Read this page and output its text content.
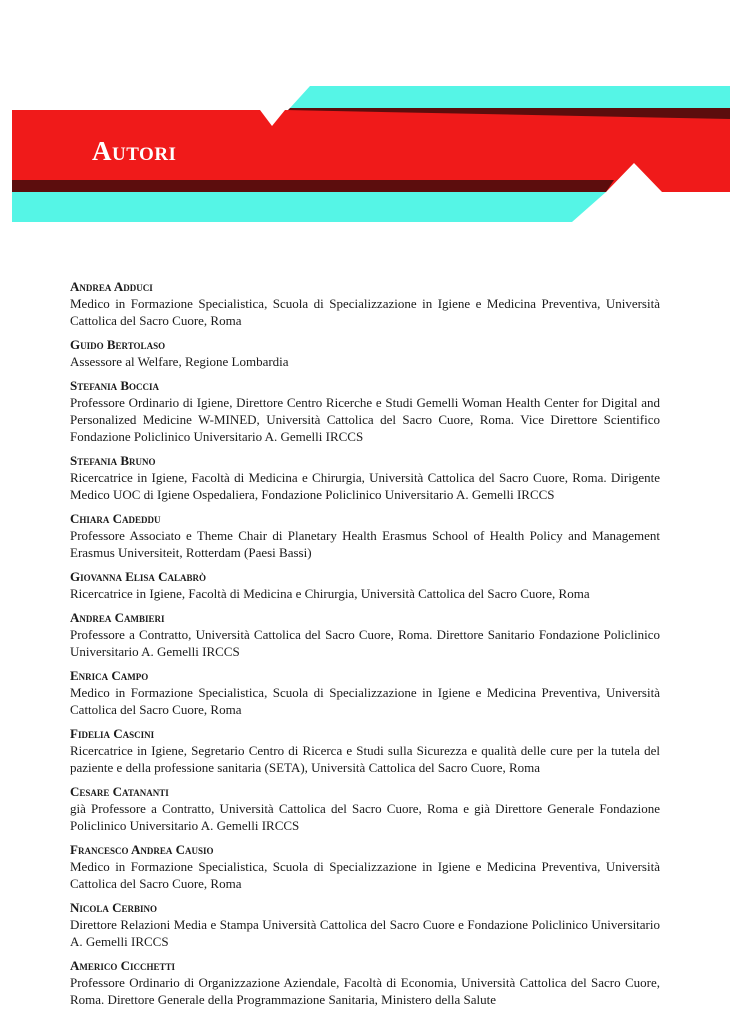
Autori
Andrea Adduci
Medico in Formazione Specialistica, Scuola di Specializzazione in Igiene e Medicina Preventiva, Università Cattolica del Sacro Cuore, Roma
Guido Bertolaso
Assessore al Welfare, Regione Lombardia
Stefania Boccia
Professore Ordinario di Igiene, Direttore Centro Ricerche e Studi Gemelli Woman Health Center for Digital and Personalized Medicine W-MINED, Università Cattolica del Sacro Cuore, Roma. Vice Direttore Scientifico Fondazione Policlinico Universitario A. Gemelli IRCCS
Stefania Bruno
Ricercatrice in Igiene, Facoltà di Medicina e Chirurgia, Università Cattolica del Sacro Cuore, Roma. Dirigente Medico UOC di Igiene Ospedaliera, Fondazione Policlinico Universitario A. Gemelli IRCCS
Chiara Cadeddu
Professore Associato e Theme Chair di Planetary Health Erasmus School of Health Policy and Management Erasmus Universiteit, Rotterdam (Paesi Bassi)
Giovanna Elisa Calabrò
Ricercatrice in Igiene, Facoltà di Medicina e Chirurgia, Università Cattolica del Sacro Cuore, Roma
Andrea Cambieri
Professore a Contratto, Università Cattolica del Sacro Cuore, Roma. Direttore Sanitario Fondazione Policlinico Universitario A. Gemelli IRCCS
Enrica Campo
Medico in Formazione Specialistica, Scuola di Specializzazione in Igiene e Medicina Preventiva, Università Cattolica del Sacro Cuore, Roma
Fidelia Cascini
Ricercatrice in Igiene, Segretario Centro di Ricerca e Studi sulla Sicurezza e qualità delle cure per la tutela del paziente e della professione sanitaria (SETA), Università Cattolica del Sacro Cuore, Roma
Cesare Catananti
già Professore a Contratto, Università Cattolica del Sacro Cuore, Roma e già Direttore Generale Fondazione Policlinico Universitario A. Gemelli IRCCS
Francesco Andrea Causio
Medico in Formazione Specialistica, Scuola di Specializzazione in Igiene e Medicina Preventiva, Università Cattolica del Sacro Cuore, Roma
Nicola Cerbino
Direttore Relazioni Media e Stampa Università Cattolica del Sacro Cuore e Fondazione Policlinico Universitario A. Gemelli IRCCS
Americo Cicchetti
Professore Ordinario di Organizzazione Aziendale, Facoltà di Economia, Università Cattolica del Sacro Cuore, Roma. Direttore Generale della Programmazione Sanitaria, Ministero della Salute
